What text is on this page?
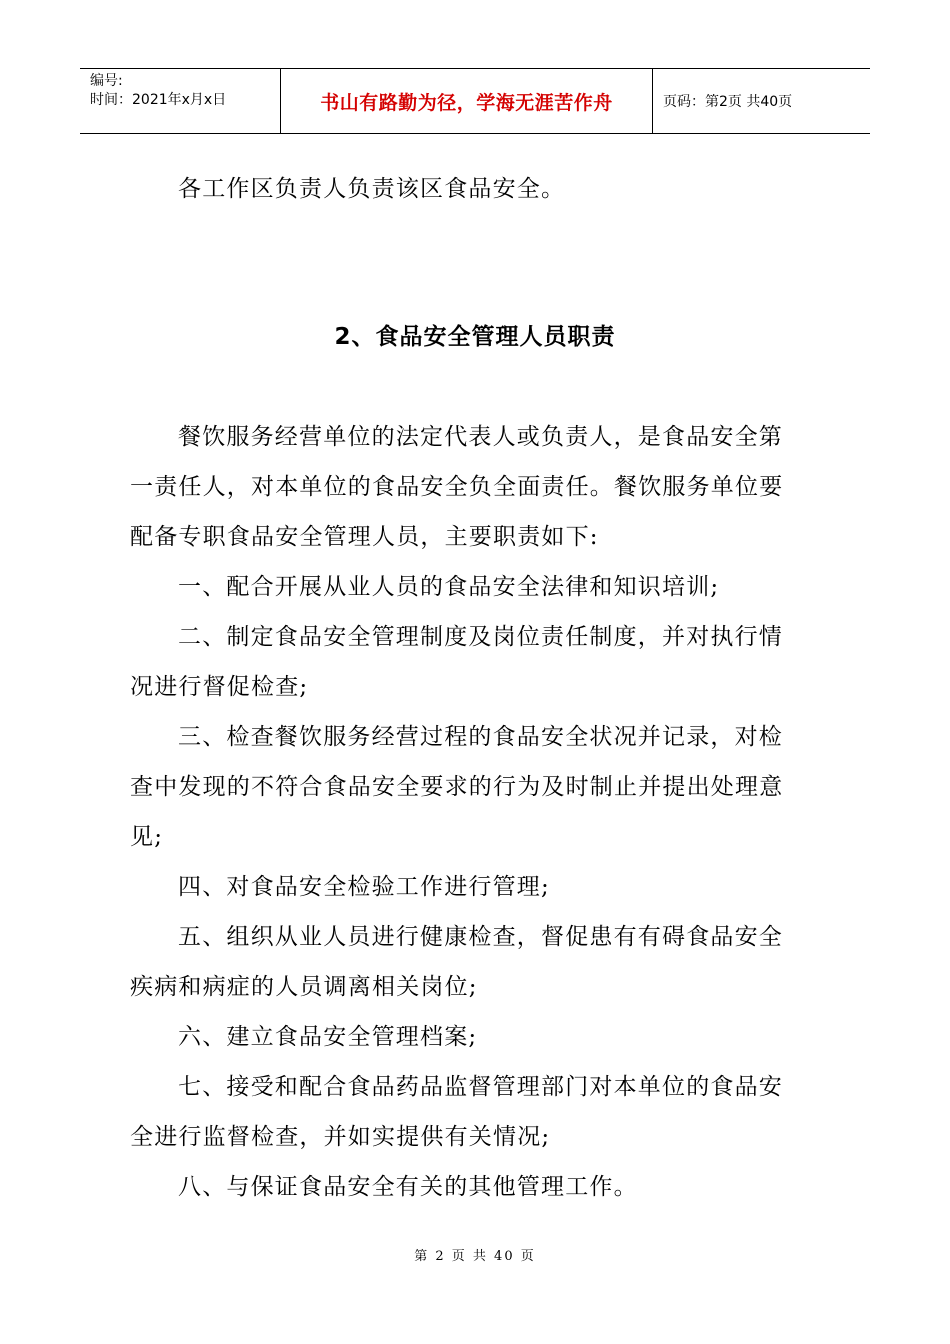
编号:
时间：2021年x月x日	书山有路勤为径，学海无涯苦作舟	页码：第2页 共40页
各工作区负责人负责该区食品安全。
2、食品安全管理人员职责
餐饮服务经营单位的法定代表人或负责人，是食品安全第
一责任人，对本单位的食品安全负全面责任。餐饮服务单位要
配备专职食品安全管理人员，主要职责如下:
一、配合开展从业人员的食品安全法律和知识培训;
二、制定食品安全管理制度及岗位责任制度，并对执行情
况进行督促检查;
三、检查餐饮服务经营过程的食品安全状况并记录，对检
查中发现的不符合食品安全要求的行为及时制止并提出处理意
见;
四、对食品安全检验工作进行管理;
五、组织从业人员进行健康检查，督促患有有碍食品安全
疾病和病症的人员调离相关岗位;
六、建立食品安全管理档案;
七、接受和配合食品药品监督管理部门对本单位的食品安
全进行监督检查，并如实提供有关情况;
八、与保证食品安全有关的其他管理工作。
第 2 页 共 40 页
